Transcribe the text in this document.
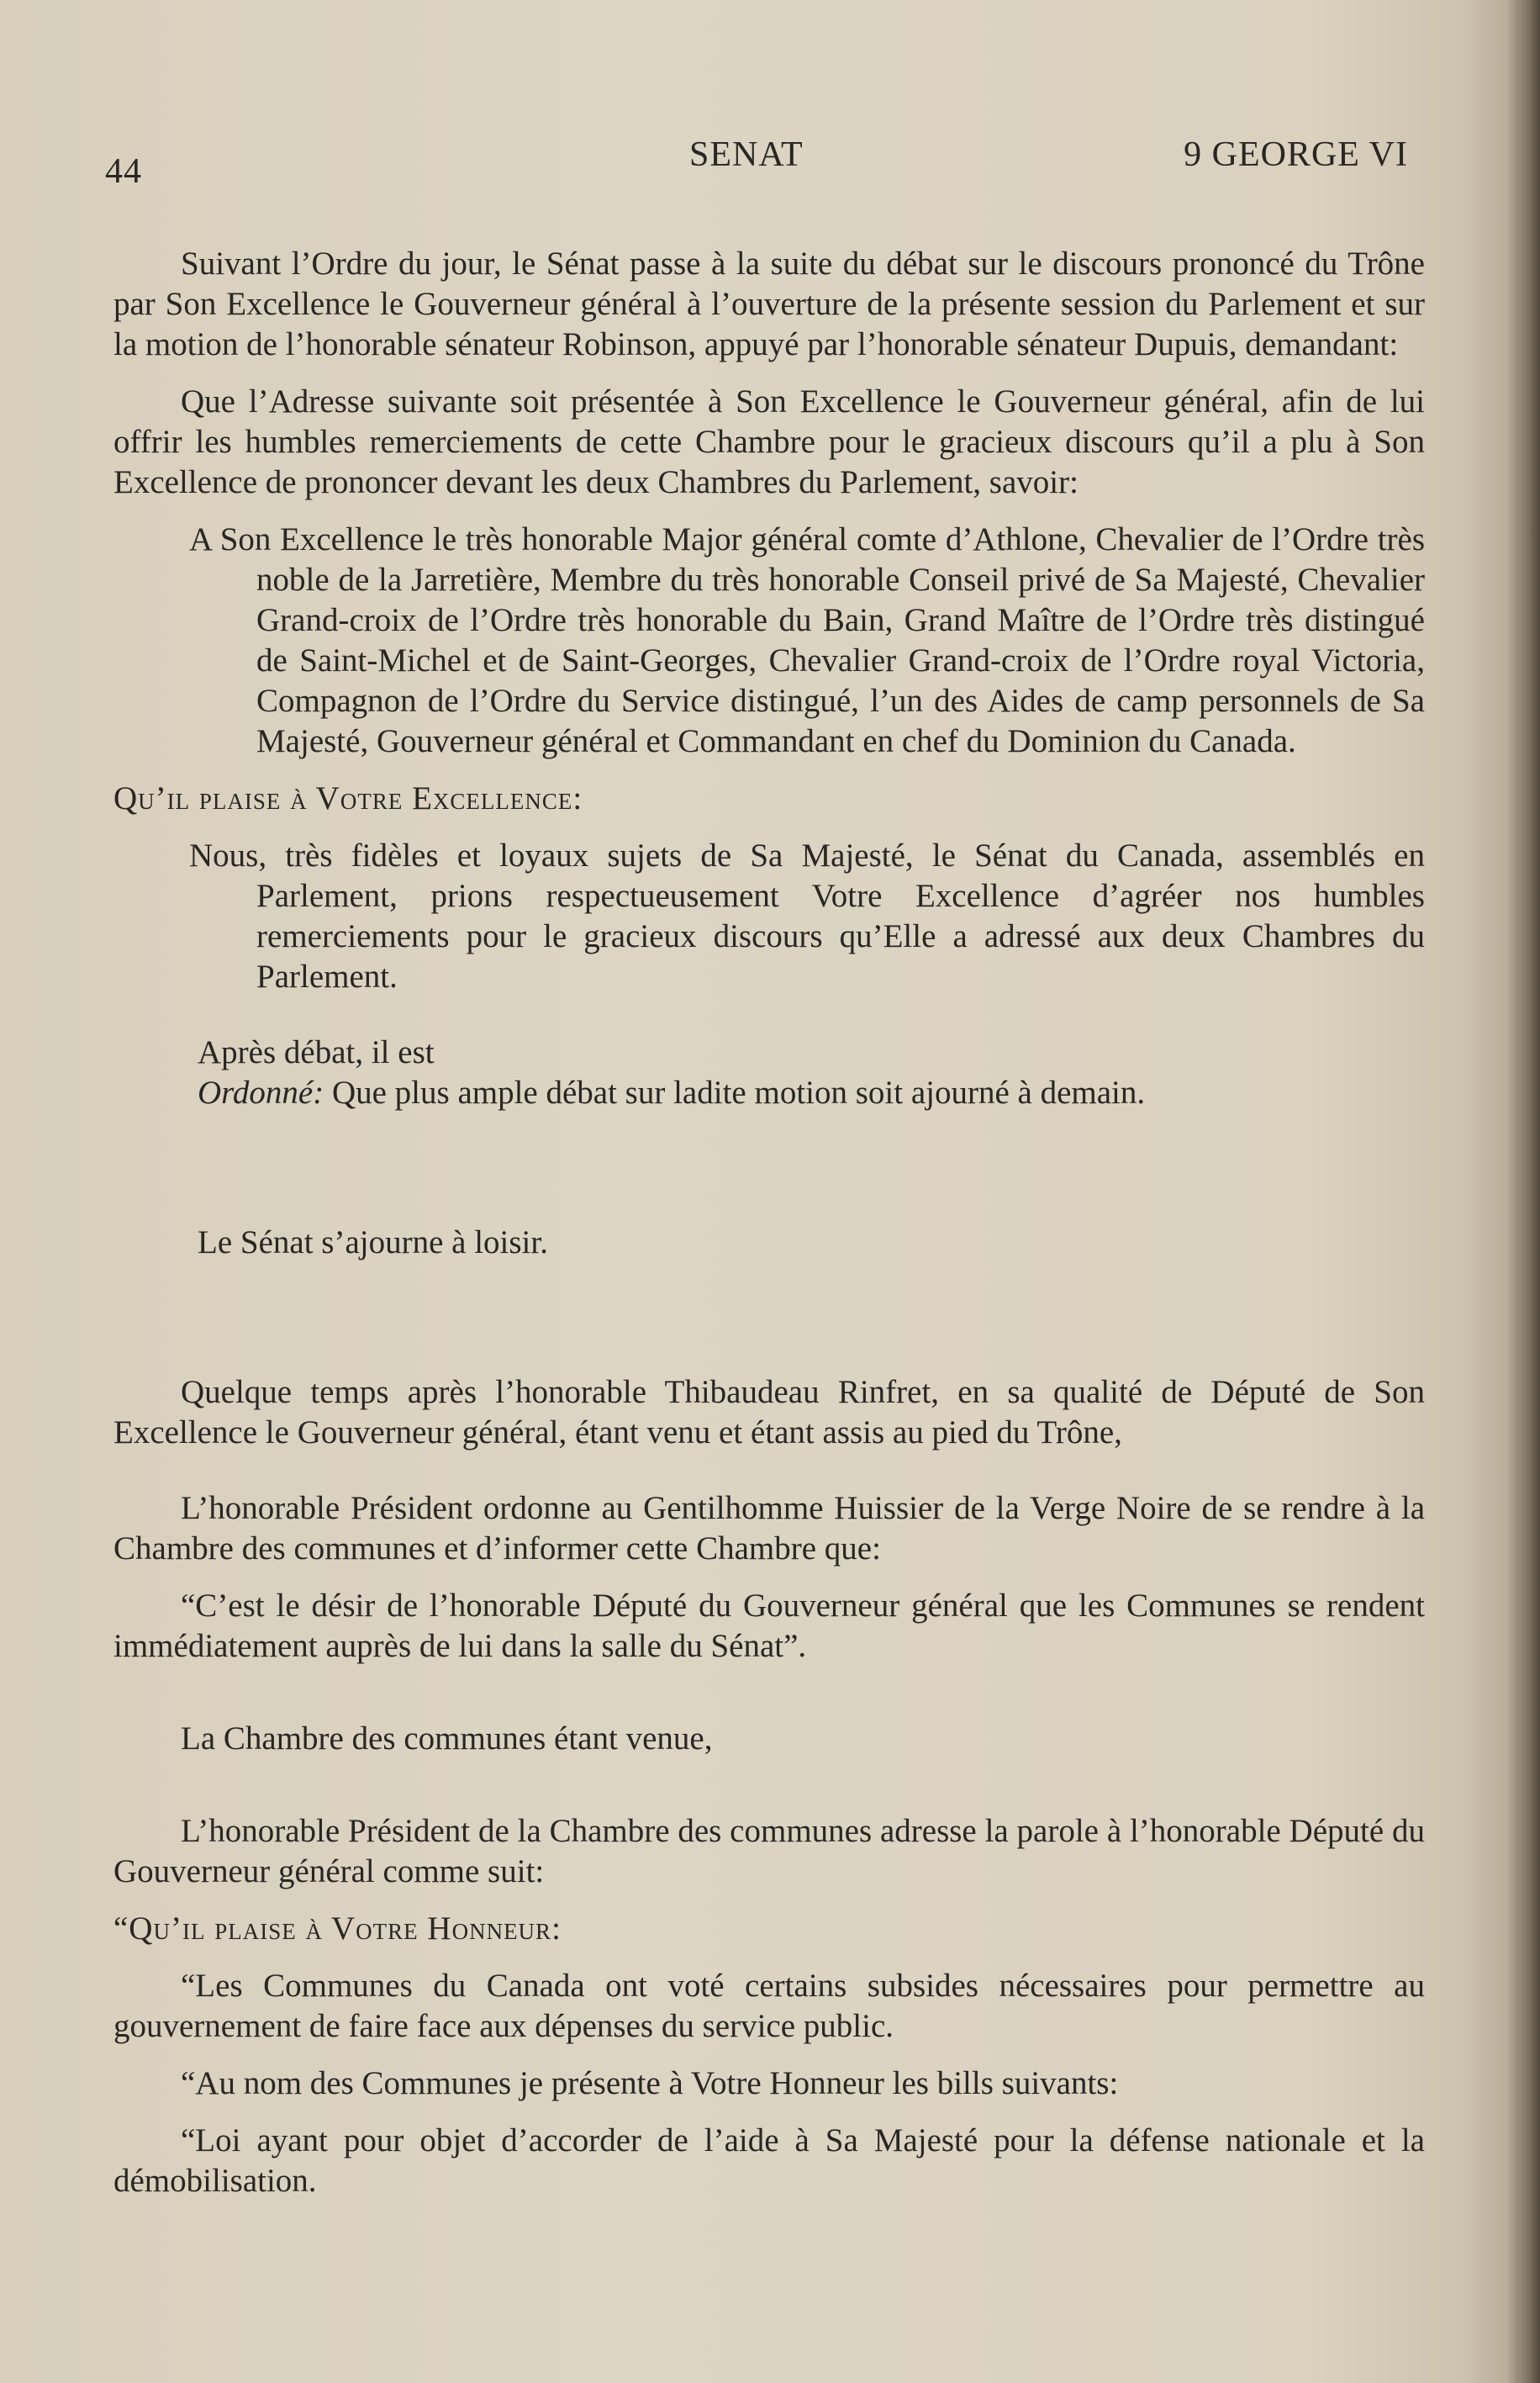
44	SENAT	9 GEORGE VI

Suivant l’Ordre du jour, le Sénat passe à la suite du débat sur le discours prononcé du Trône par Son Excellence le Gouverneur général à l’ouverture de la présente session du Parlement et sur la motion de l’honorable sénateur Robinson, appuyé par l’honorable sénateur Dupuis, demandant:

Que l’Adresse suivante soit présentée à Son Excellence le Gouverneur général, afin de lui offrir les humbles remerciements de cette Chambre pour le gracieux discours qu’il a plu à Son Excellence de prononcer devant les deux Chambres du Parlement, savoir:

A Son Excellence le très honorable Major général comte d’Athlone, Chevalier de l’Ordre très noble de la Jarretière, Membre du très honorable Conseil privé de Sa Majesté, Chevalier Grand-croix de l’Ordre très honorable du Bain, Grand Maître de l’Ordre très distingué de Saint-Michel et de Saint-Georges, Chevalier Grand-croix de l’Ordre royal Victoria, Compagnon de l’Ordre du Service distingué, l’un des Aides de camp personnels de Sa Majesté, Gouverneur général et Commandant en chef du Dominion du Canada.

Qu’il plaise à Votre Excellence:

Nous, très fidèles et loyaux sujets de Sa Majesté, le Sénat du Canada, assemblés en Parlement, prions respectueusement Votre Excellence d’agréer nos humbles remerciements pour le gracieux discours qu’Elle a adressé aux deux Chambres du Parlement.

Après débat, il est

Ordonné: Que plus ample débat sur ladite motion soit ajourné à demain.

Le Sénat s’ajourne à loisir.

Quelque temps après l’honorable Thibaudeau Rinfret, en sa qualité de Député de Son Excellence le Gouverneur général, étant venu et étant assis au pied du Trône,

L’honorable Président ordonne au Gentilhomme Huissier de la Verge Noire de se rendre à la Chambre des communes et d’informer cette Chambre que:

“C’est le désir de l’honorable Député du Gouverneur général que les Communes se rendent immédiatement auprès de lui dans la salle du Sénat”.

La Chambre des communes étant venue,

L’honorable Président de la Chambre des communes adresse la parole à l’honorable Député du Gouverneur général comme suit:

“Qu’il plaise à Votre Honneur:

“Les Communes du Canada ont voté certains subsides nécessaires pour permettre au gouvernement de faire face aux dépenses du service public.

“Au nom des Communes je présente à Votre Honneur les bills suivants:

“Loi ayant pour objet d’accorder de l’aide à Sa Majesté pour la défense nationale et la démobilisation.
